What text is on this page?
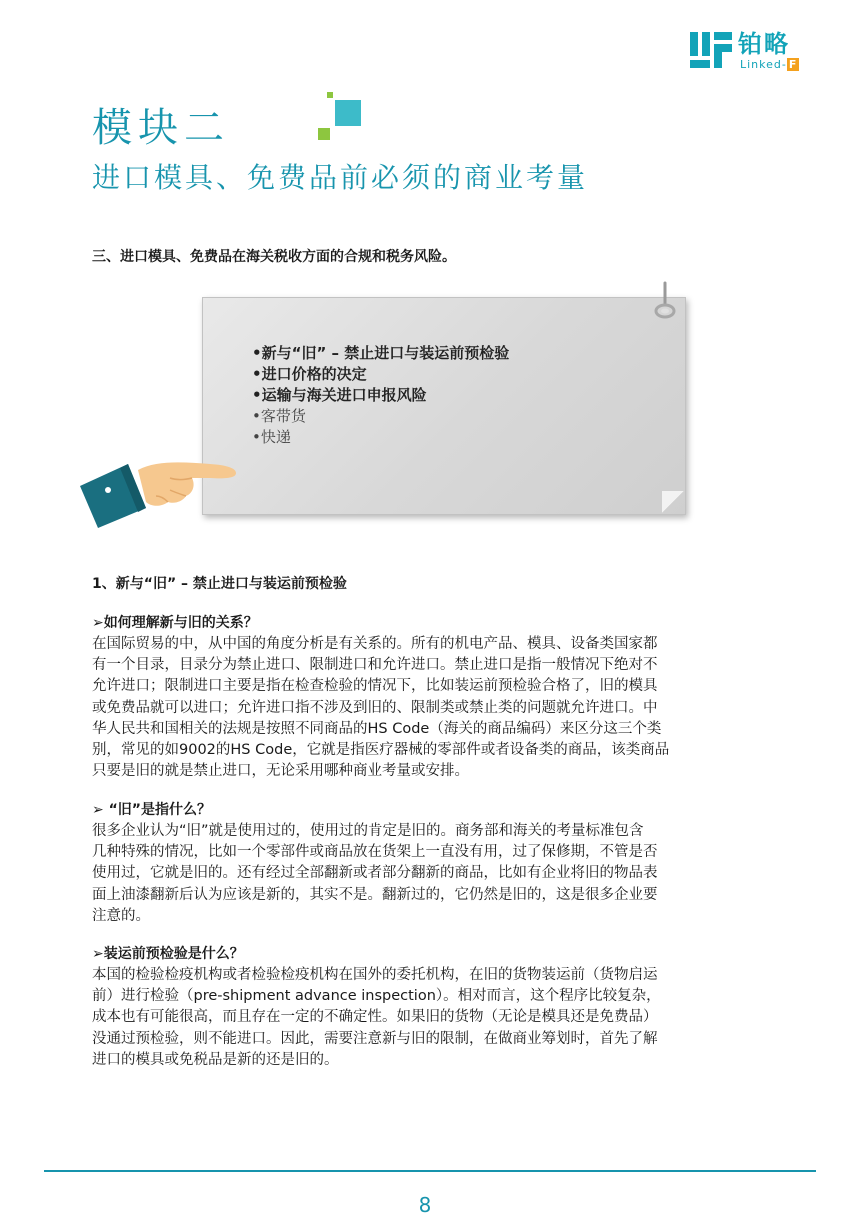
铂略
Linked- F
模块二
进口模具、免费品前必须的商业考量
三、进口模具、免费品在海关税收方面的合规和税务风险。
•新与“旧” – 禁止进口与装运前预检验
•进口价格的决定
•运输与海关进口申报风险
•客带货
•快递
1、新与“旧” – 禁止进口与装运前预检验
➢如何理解新与旧的关系？
在国际贸易的中，从中国的角度分析是有关系的。所有的机电产品、模具、设备类国家都
有一个目录，目录分为禁止进口、限制进口和允许进口。禁止进口是指一般情况下绝对不
允许进口；限制进口主要是指在检查检验的情况下，比如装运前预检验合格了，旧的模具
或免费品就可以进口；允许进口指不涉及到旧的、限制类或禁止类的问题就允许进口。中
华人民共和国相关的法规是按照不同商品的HS Code（海关的商品编码）来区分这三个类
别，常见的如9002的HS Code，它就是指医疗器械的零部件或者设备类的商品，该类商品
只要是旧的就是禁止进口，无论采用哪种商业考量或安排。
➢ “旧”是指什么？
很多企业认为“旧”就是使用过的，使用过的肯定是旧的。商务部和海关的考量标准包含
几种特殊的情况，比如一个零部件或商品放在货架上一直没有用，过了保修期，不管是否
使用过，它就是旧的。还有经过全部翻新或者部分翻新的商品，比如有企业将旧的物品表
面上油漆翻新后认为应该是新的，其实不是。翻新过的，它仍然是旧的，这是很多企业要
注意的。
➢装运前预检验是什么？
本国的检验检疫机构或者检验检疫机构在国外的委托机构，在旧的货物装运前（货物启运
前）进行检验（pre-shipment advance inspection）。相对而言，这个程序比较复杂，
成本也有可能很高，而且存在一定的不确定性。如果旧的货物（无论是模具还是免费品）
没通过预检验，则不能进口。因此，需要注意新与旧的限制，在做商业筹划时，首先了解
进口的模具或免税品是新的还是旧的。
8
